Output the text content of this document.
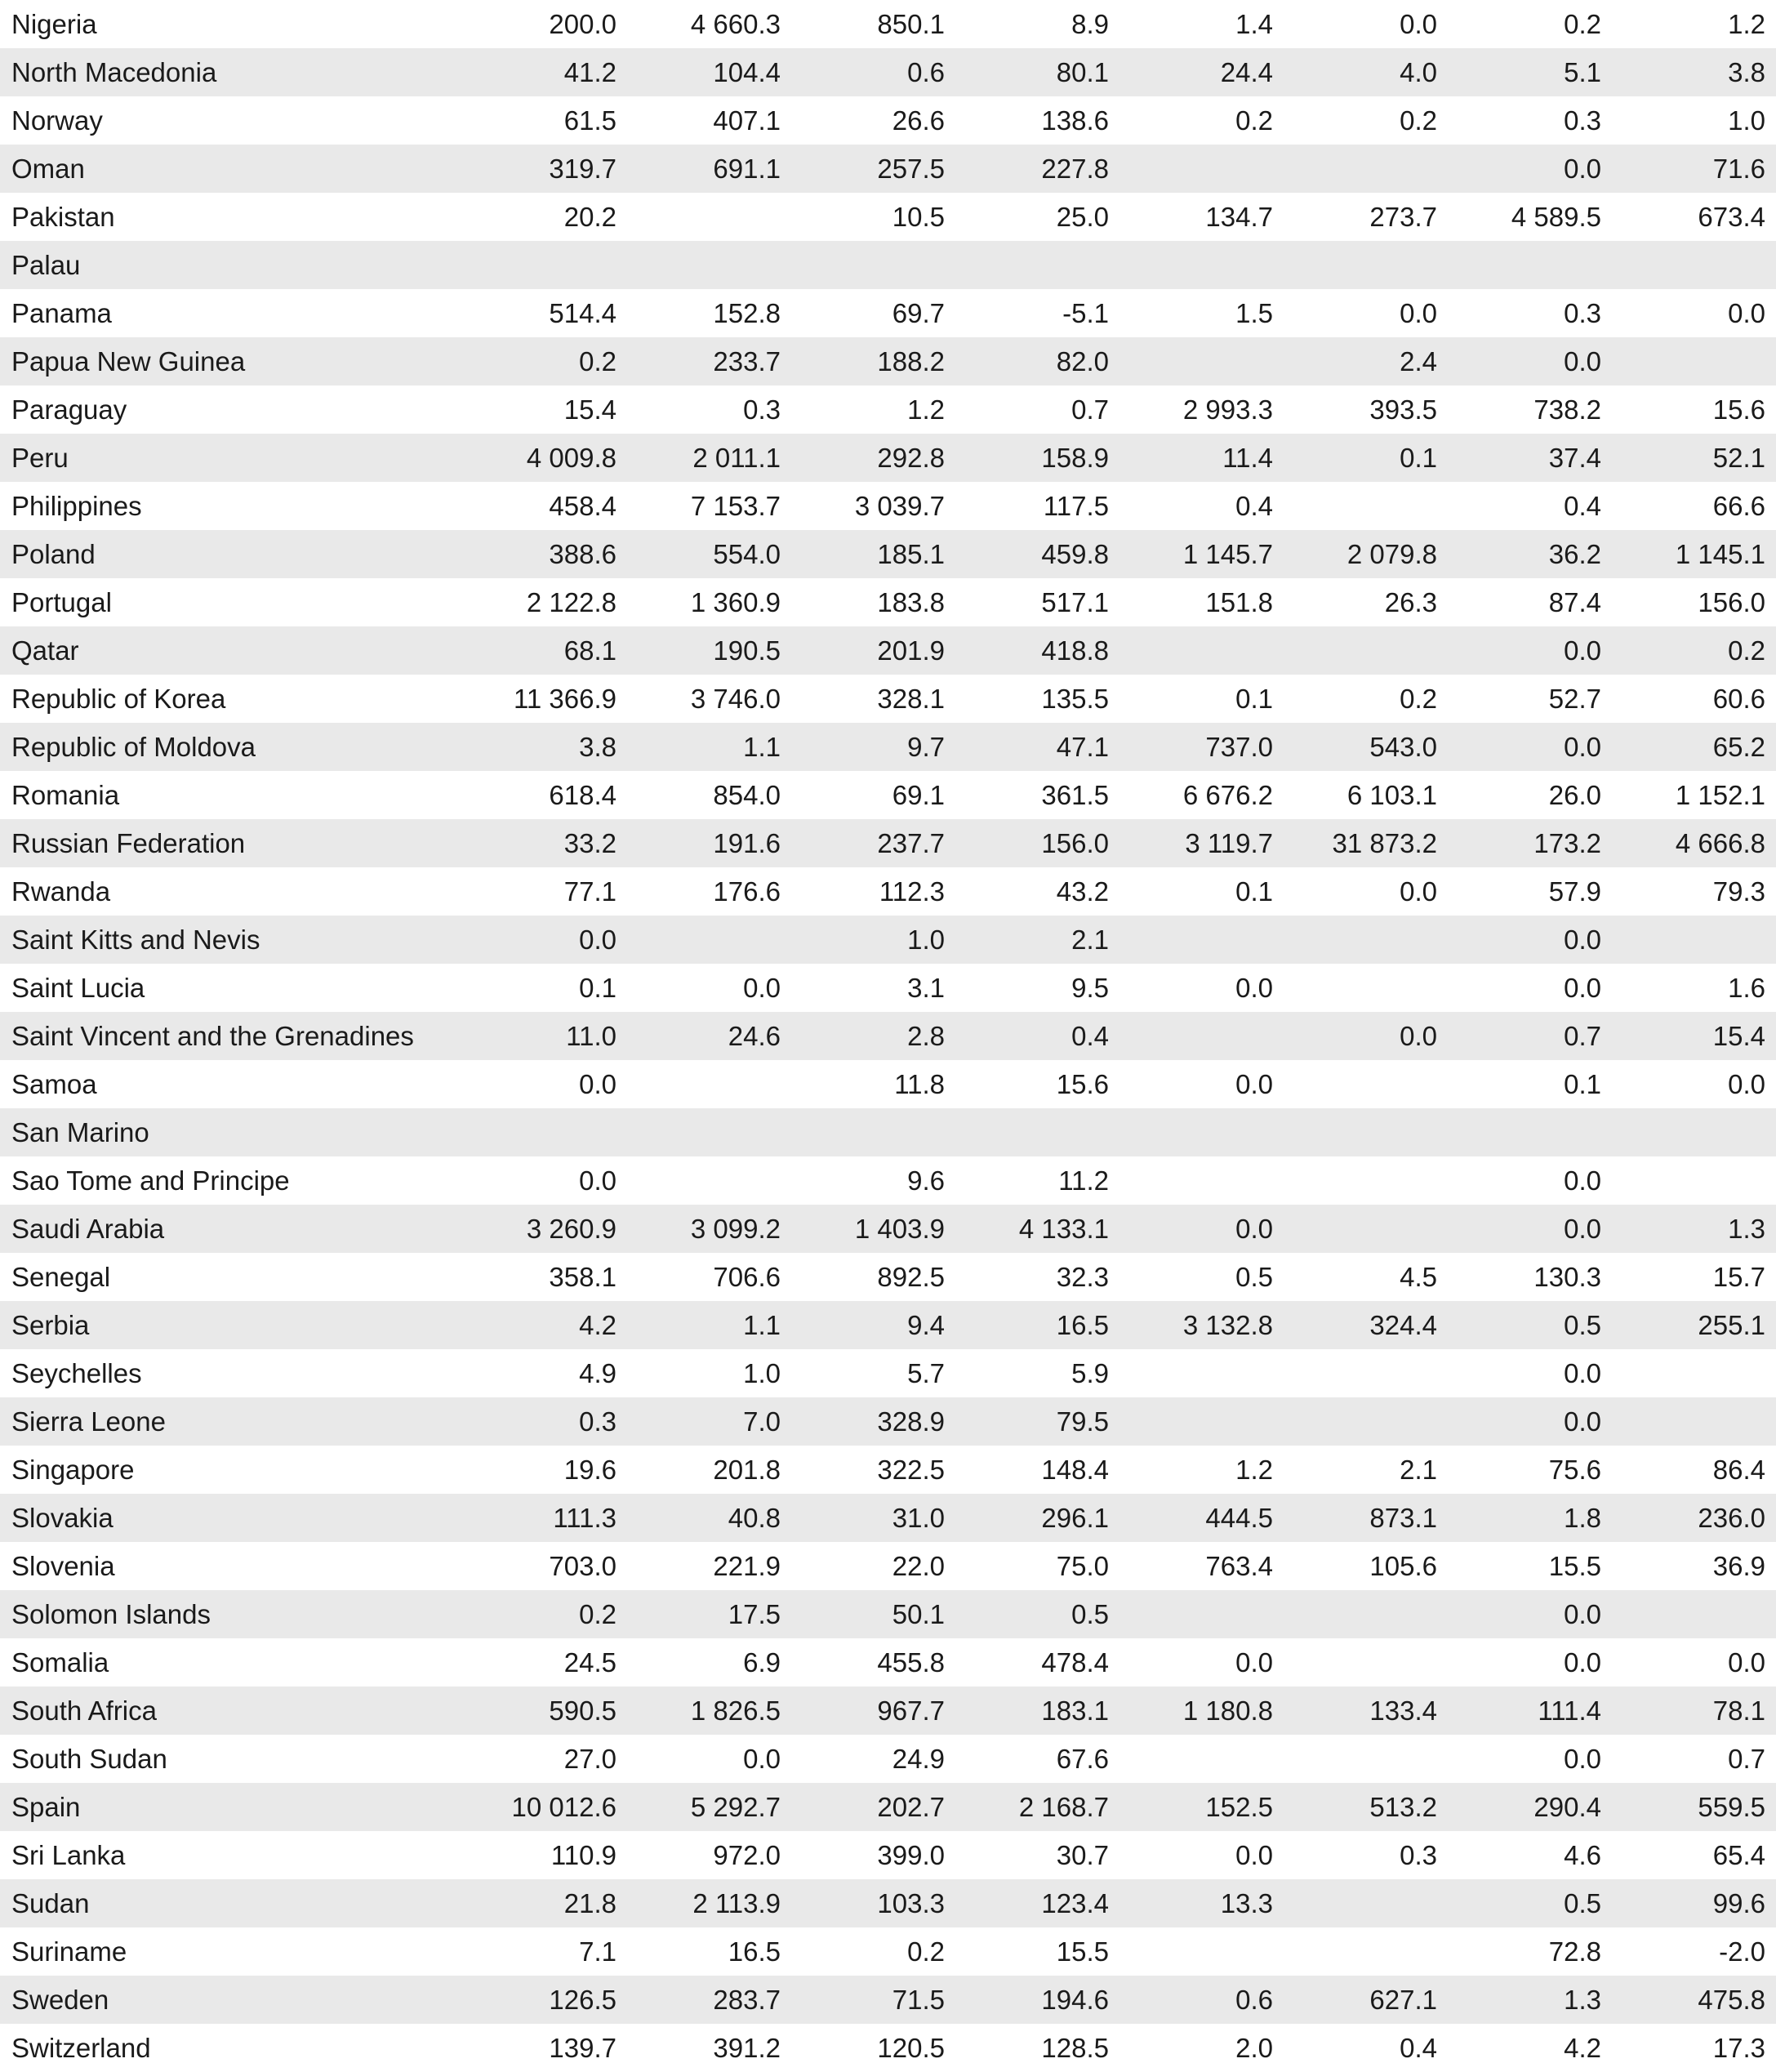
Nigeria	200.0	4 660.3	850.1	8.9	1.4	0.0	0.2	1.2
North Macedonia	41.2	104.4	0.6	80.1	24.4	4.0	5.1	3.8
Norway	61.5	407.1	26.6	138.6	0.2	0.2	0.3	1.0
Oman	319.7	691.1	257.5	227.8			0.0	71.6
Pakistan	20.2		10.5	25.0	134.7	273.7	4 589.5	673.4
Palau								
Panama	514.4	152.8	69.7	-5.1	1.5	0.0	0.3	0.0
Papua New Guinea	0.2	233.7	188.2	82.0		2.4	0.0	
Paraguay	15.4	0.3	1.2	0.7	2 993.3	393.5	738.2	15.6
Peru	4 009.8	2 011.1	292.8	158.9	11.4	0.1	37.4	52.1
Philippines	458.4	7 153.7	3 039.7	117.5	0.4		0.4	66.6
Poland	388.6	554.0	185.1	459.8	1 145.7	2 079.8	36.2	1 145.1
Portugal	2 122.8	1 360.9	183.8	517.1	151.8	26.3	87.4	156.0
Qatar	68.1	190.5	201.9	418.8			0.0	0.2
Republic of Korea	11 366.9	3 746.0	328.1	135.5	0.1	0.2	52.7	60.6
Republic of Moldova	3.8	1.1	9.7	47.1	737.0	543.0	0.0	65.2
Romania	618.4	854.0	69.1	361.5	6 676.2	6 103.1	26.0	1 152.1
Russian Federation	33.2	191.6	237.7	156.0	3 119.7	31 873.2	173.2	4 666.8
Rwanda	77.1	176.6	112.3	43.2	0.1	0.0	57.9	79.3
Saint Kitts and Nevis	0.0		1.0	2.1			0.0	
Saint Lucia	0.1	0.0	3.1	9.5	0.0		0.0	1.6
Saint Vincent and the Grenadines	11.0	24.6	2.8	0.4		0.0	0.7	15.4
Samoa	0.0		11.8	15.6	0.0		0.1	0.0
San Marino								
Sao Tome and Principe	0.0		9.6	11.2			0.0	
Saudi Arabia	3 260.9	3 099.2	1 403.9	4 133.1	0.0		0.0	1.3
Senegal	358.1	706.6	892.5	32.3	0.5	4.5	130.3	15.7
Serbia	4.2	1.1	9.4	16.5	3 132.8	324.4	0.5	255.1
Seychelles	4.9	1.0	5.7	5.9			0.0	
Sierra Leone	0.3	7.0	328.9	79.5			0.0	
Singapore	19.6	201.8	322.5	148.4	1.2	2.1	75.6	86.4
Slovakia	111.3	40.8	31.0	296.1	444.5	873.1	1.8	236.0
Slovenia	703.0	221.9	22.0	75.0	763.4	105.6	15.5	36.9
Solomon Islands	0.2	17.5	50.1	0.5			0.0	
Somalia	24.5	6.9	455.8	478.4	0.0		0.0	0.0
South Africa	590.5	1 826.5	967.7	183.1	1 180.8	133.4	111.4	78.1
South Sudan	27.0	0.0	24.9	67.6			0.0	0.7
Spain	10 012.6	5 292.7	202.7	2 168.7	152.5	513.2	290.4	559.5
Sri Lanka	110.9	972.0	399.0	30.7	0.0	0.3	4.6	65.4
Sudan	21.8	2 113.9	103.3	123.4	13.3		0.5	99.6
Suriname	7.1	16.5	0.2	15.5			72.8	-2.0
Sweden	126.5	283.7	71.5	194.6	0.6	627.1	1.3	475.8
Switzerland	139.7	391.2	120.5	128.5	2.0	0.4	4.2	17.3
